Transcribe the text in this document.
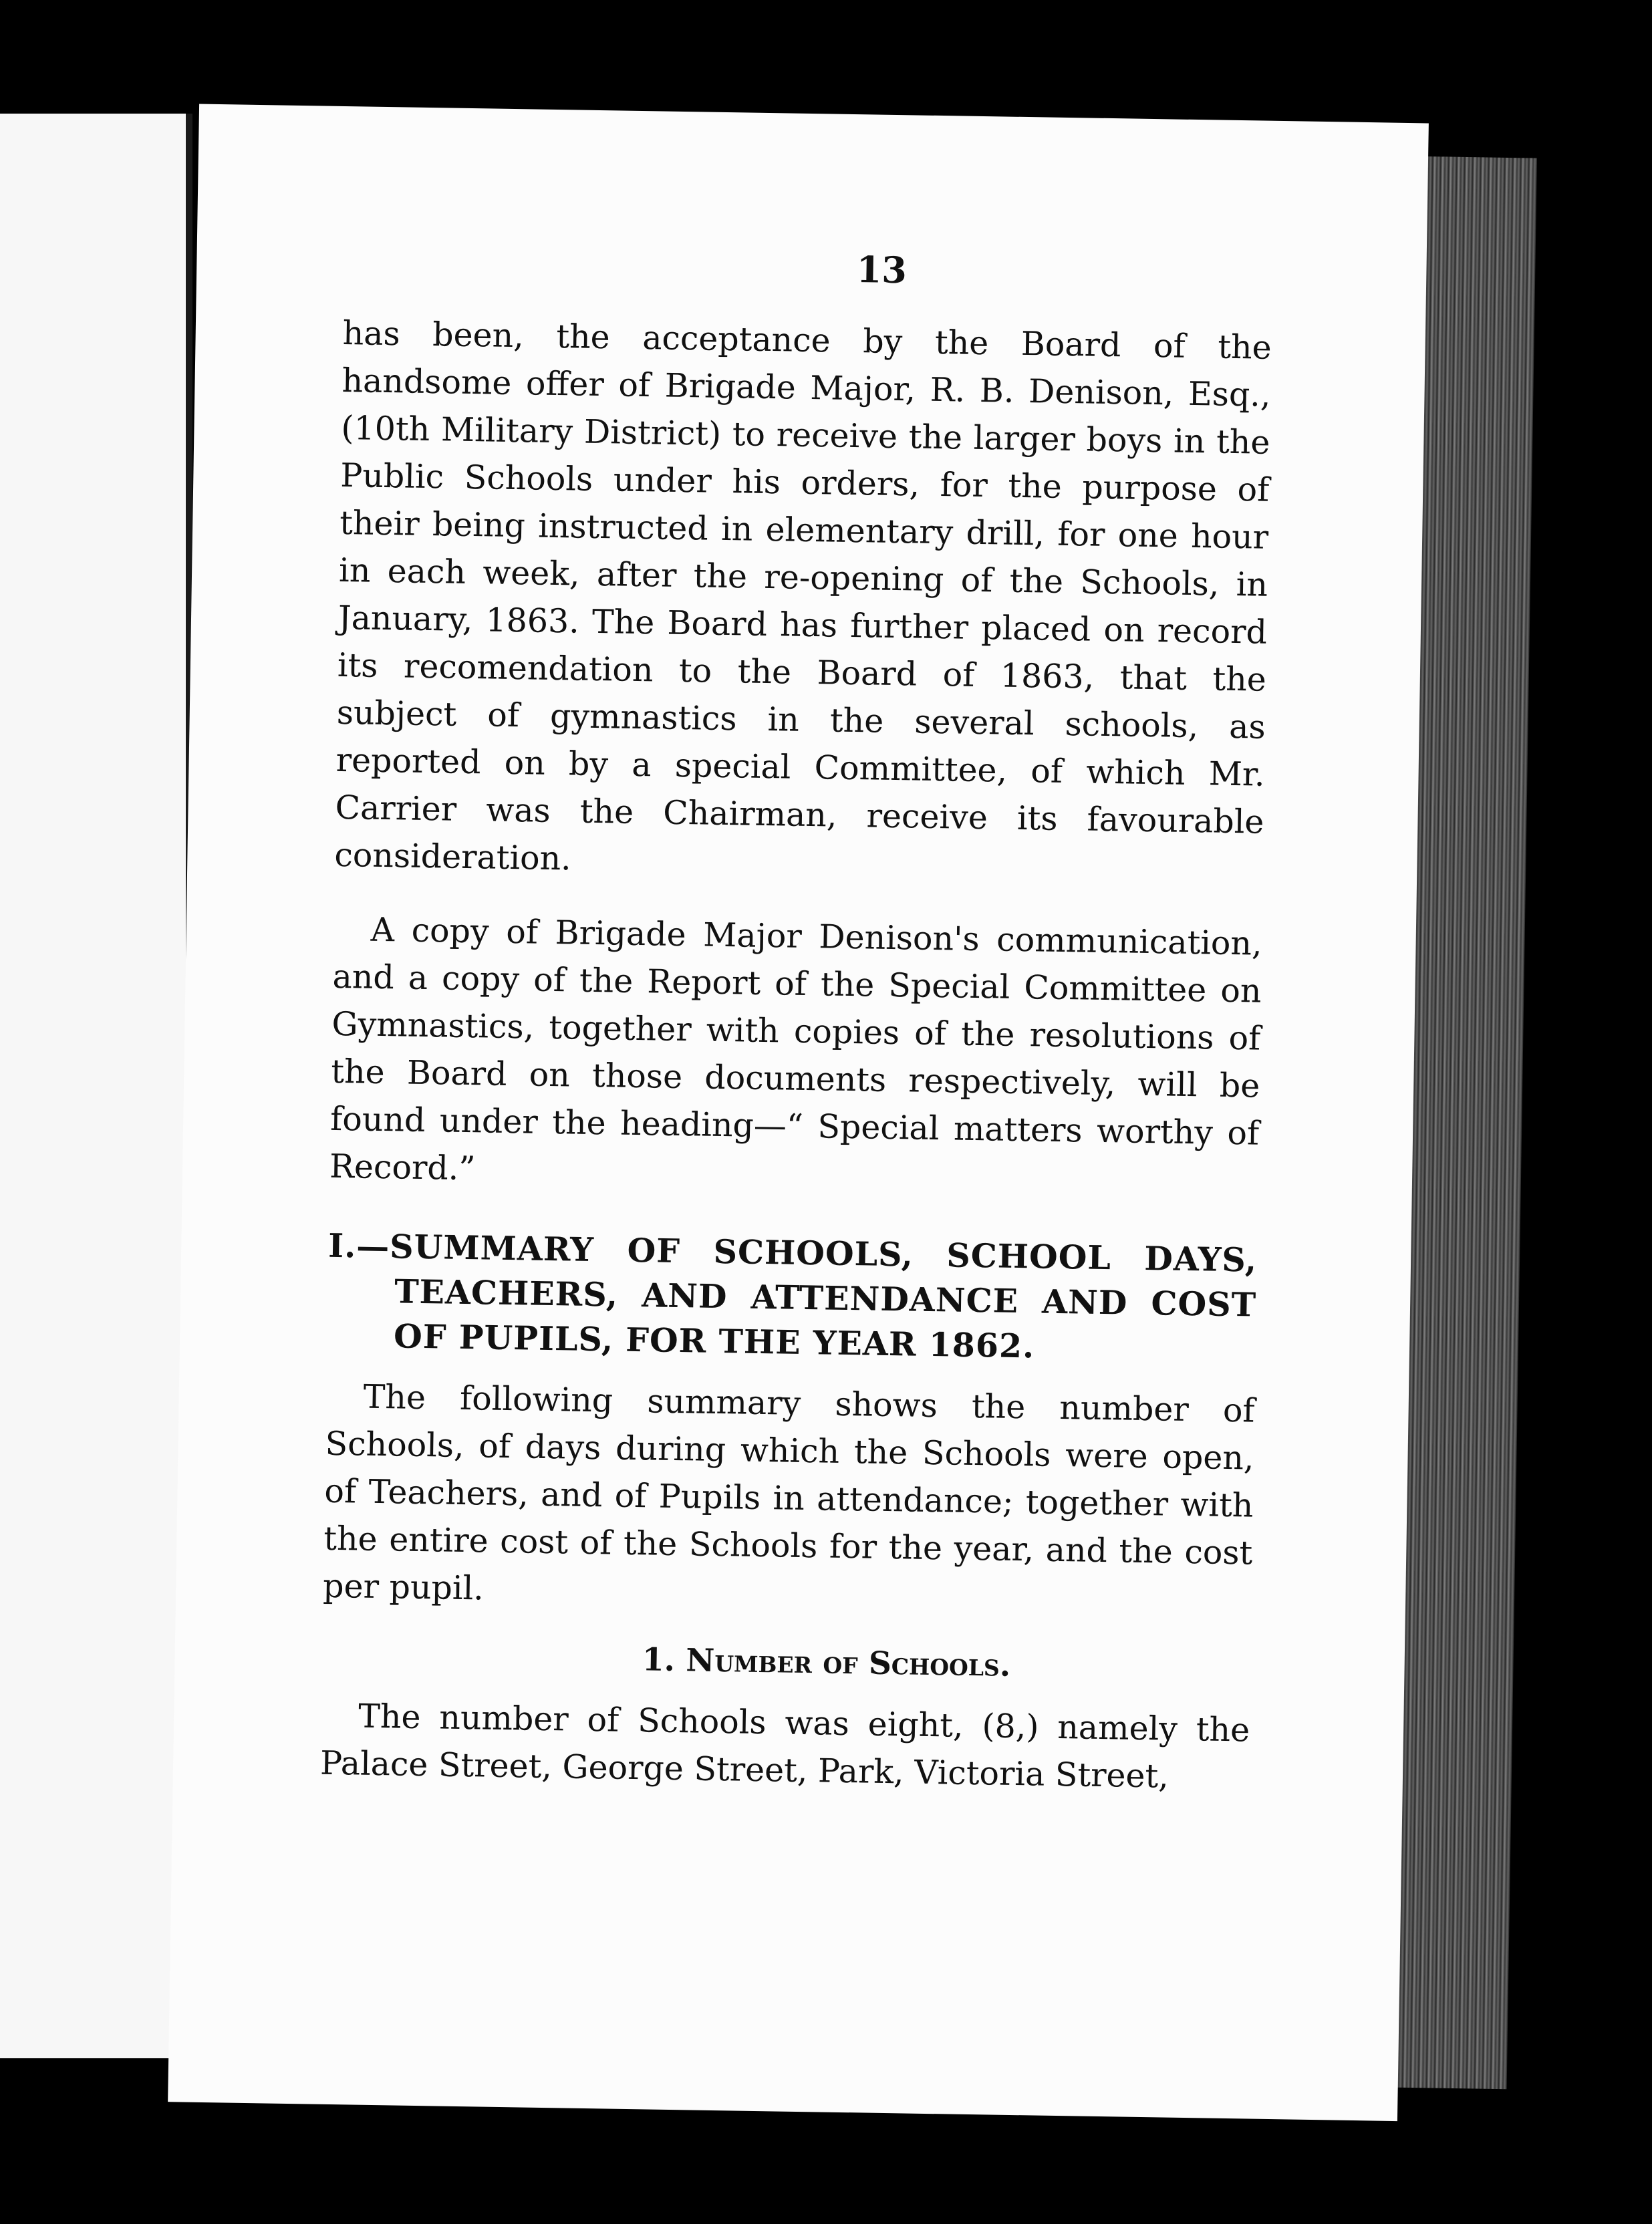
13

has been, the acceptance by the Board of the handsome offer of Brigade Major, R. B. Denison, Esq., (10th Military District) to receive the larger boys in the Public Schools under his orders, for the purpose of their being instructed in elementary drill, for one hour in each week, after the re-opening of the Schools, in January, 1863. The Board has further placed on record its recomendation to the Board of 1863, that the subject of gymnastics in the several schools, as reported on by a special Committee, of which Mr. Carrier was the Chairman, receive its favourable consideration.

A copy of Brigade Major Denison's communication, and a copy of the Report of the Special Committee on Gymnastics, together with copies of the resolutions of the Board on those documents respectively, will be found under the heading—“ Special matters worthy of Record.”

I.—SUMMARY OF SCHOOLS, SCHOOL DAYS, TEACHERS, AND ATTENDANCE AND COST OF PUPILS, FOR THE YEAR 1862.

The following summary shows the number of Schools, of days during which the Schools were open, of Teachers, and of Pupils in attendance; together with the entire cost of the Schools for the year, and the cost per pupil.

1. Number of Schools.

The number of Schools was eight, (8,) namely the Palace Street, George Street, Park, Victoria Street,
